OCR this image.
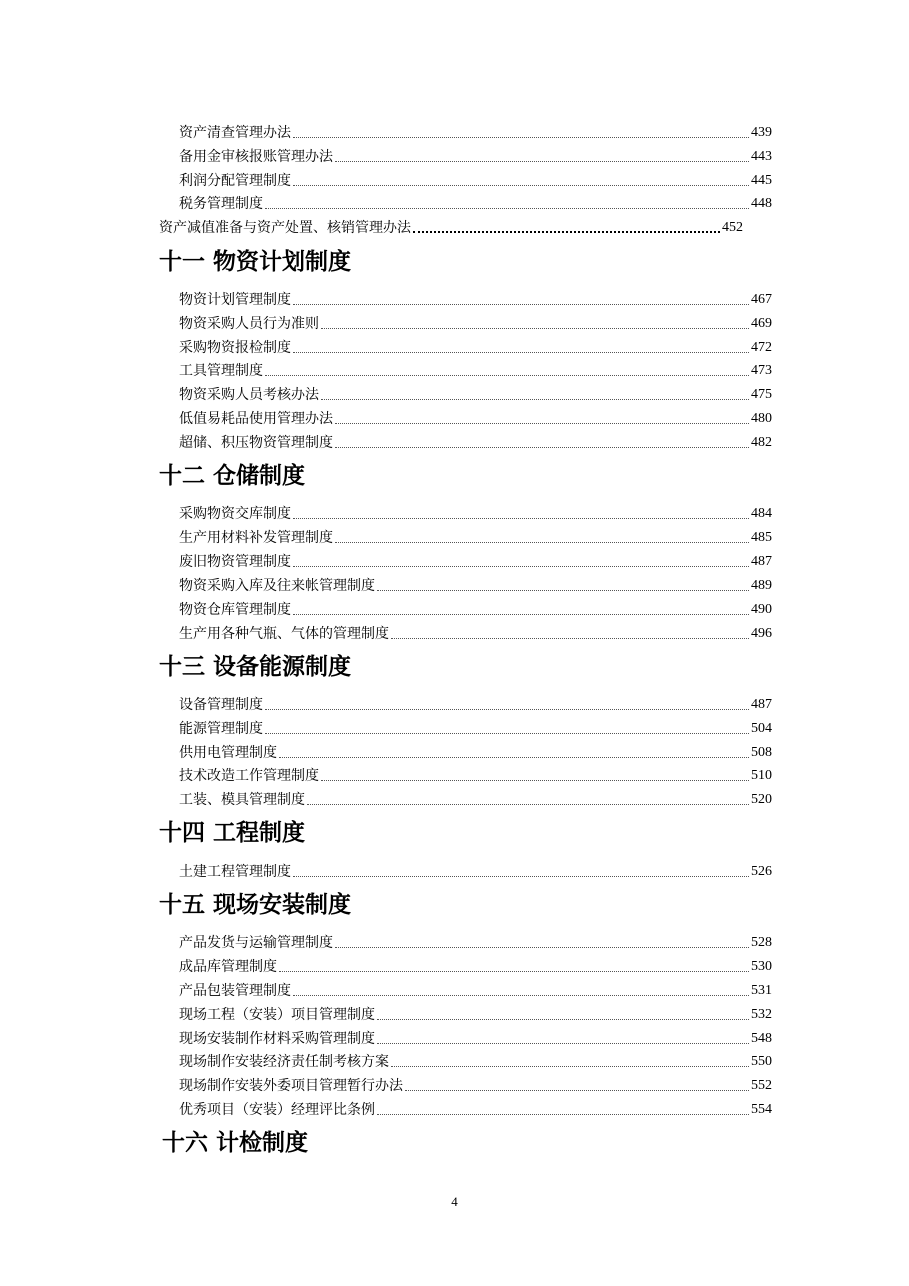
资产清查管理办法	439
备用金审核报账管理办法	443
利润分配管理制度	445
税务管理制度	448
资产减值准备与资产处置、核销管理办法	452
十一 物资计划制度
物资计划管理制度	467
物资采购人员行为准则	469
采购物资报检制度	472
工具管理制度	473
物资采购人员考核办法	475
低值易耗品使用管理办法	480
超储、积压物资管理制度	482
十二 仓储制度
采购物资交库制度	484
生产用材料补发管理制度	485
废旧物资管理制度	487
物资采购入库及往来帐管理制度	489
物资仓库管理制度	490
生产用各种气瓶、气体的管理制度	496
十三 设备能源制度
设备管理制度	487
能源管理制度	504
供用电管理制度	508
技术改造工作管理制度	510
工装、模具管理制度	520
十四 工程制度
土建工程管理制度	526
十五 现场安装制度
产品发货与运输管理制度	528
成品库管理制度	530
产品包装管理制度	531
现场工程（安装）项目管理制度	532
现场安装制作材料采购管理制度	548
现场制作安装经济责任制考核方案	550
现场制作安装外委项目管理暂行办法	552
优秀项目（安装）经理评比条例	554
十六 计检制度
4
